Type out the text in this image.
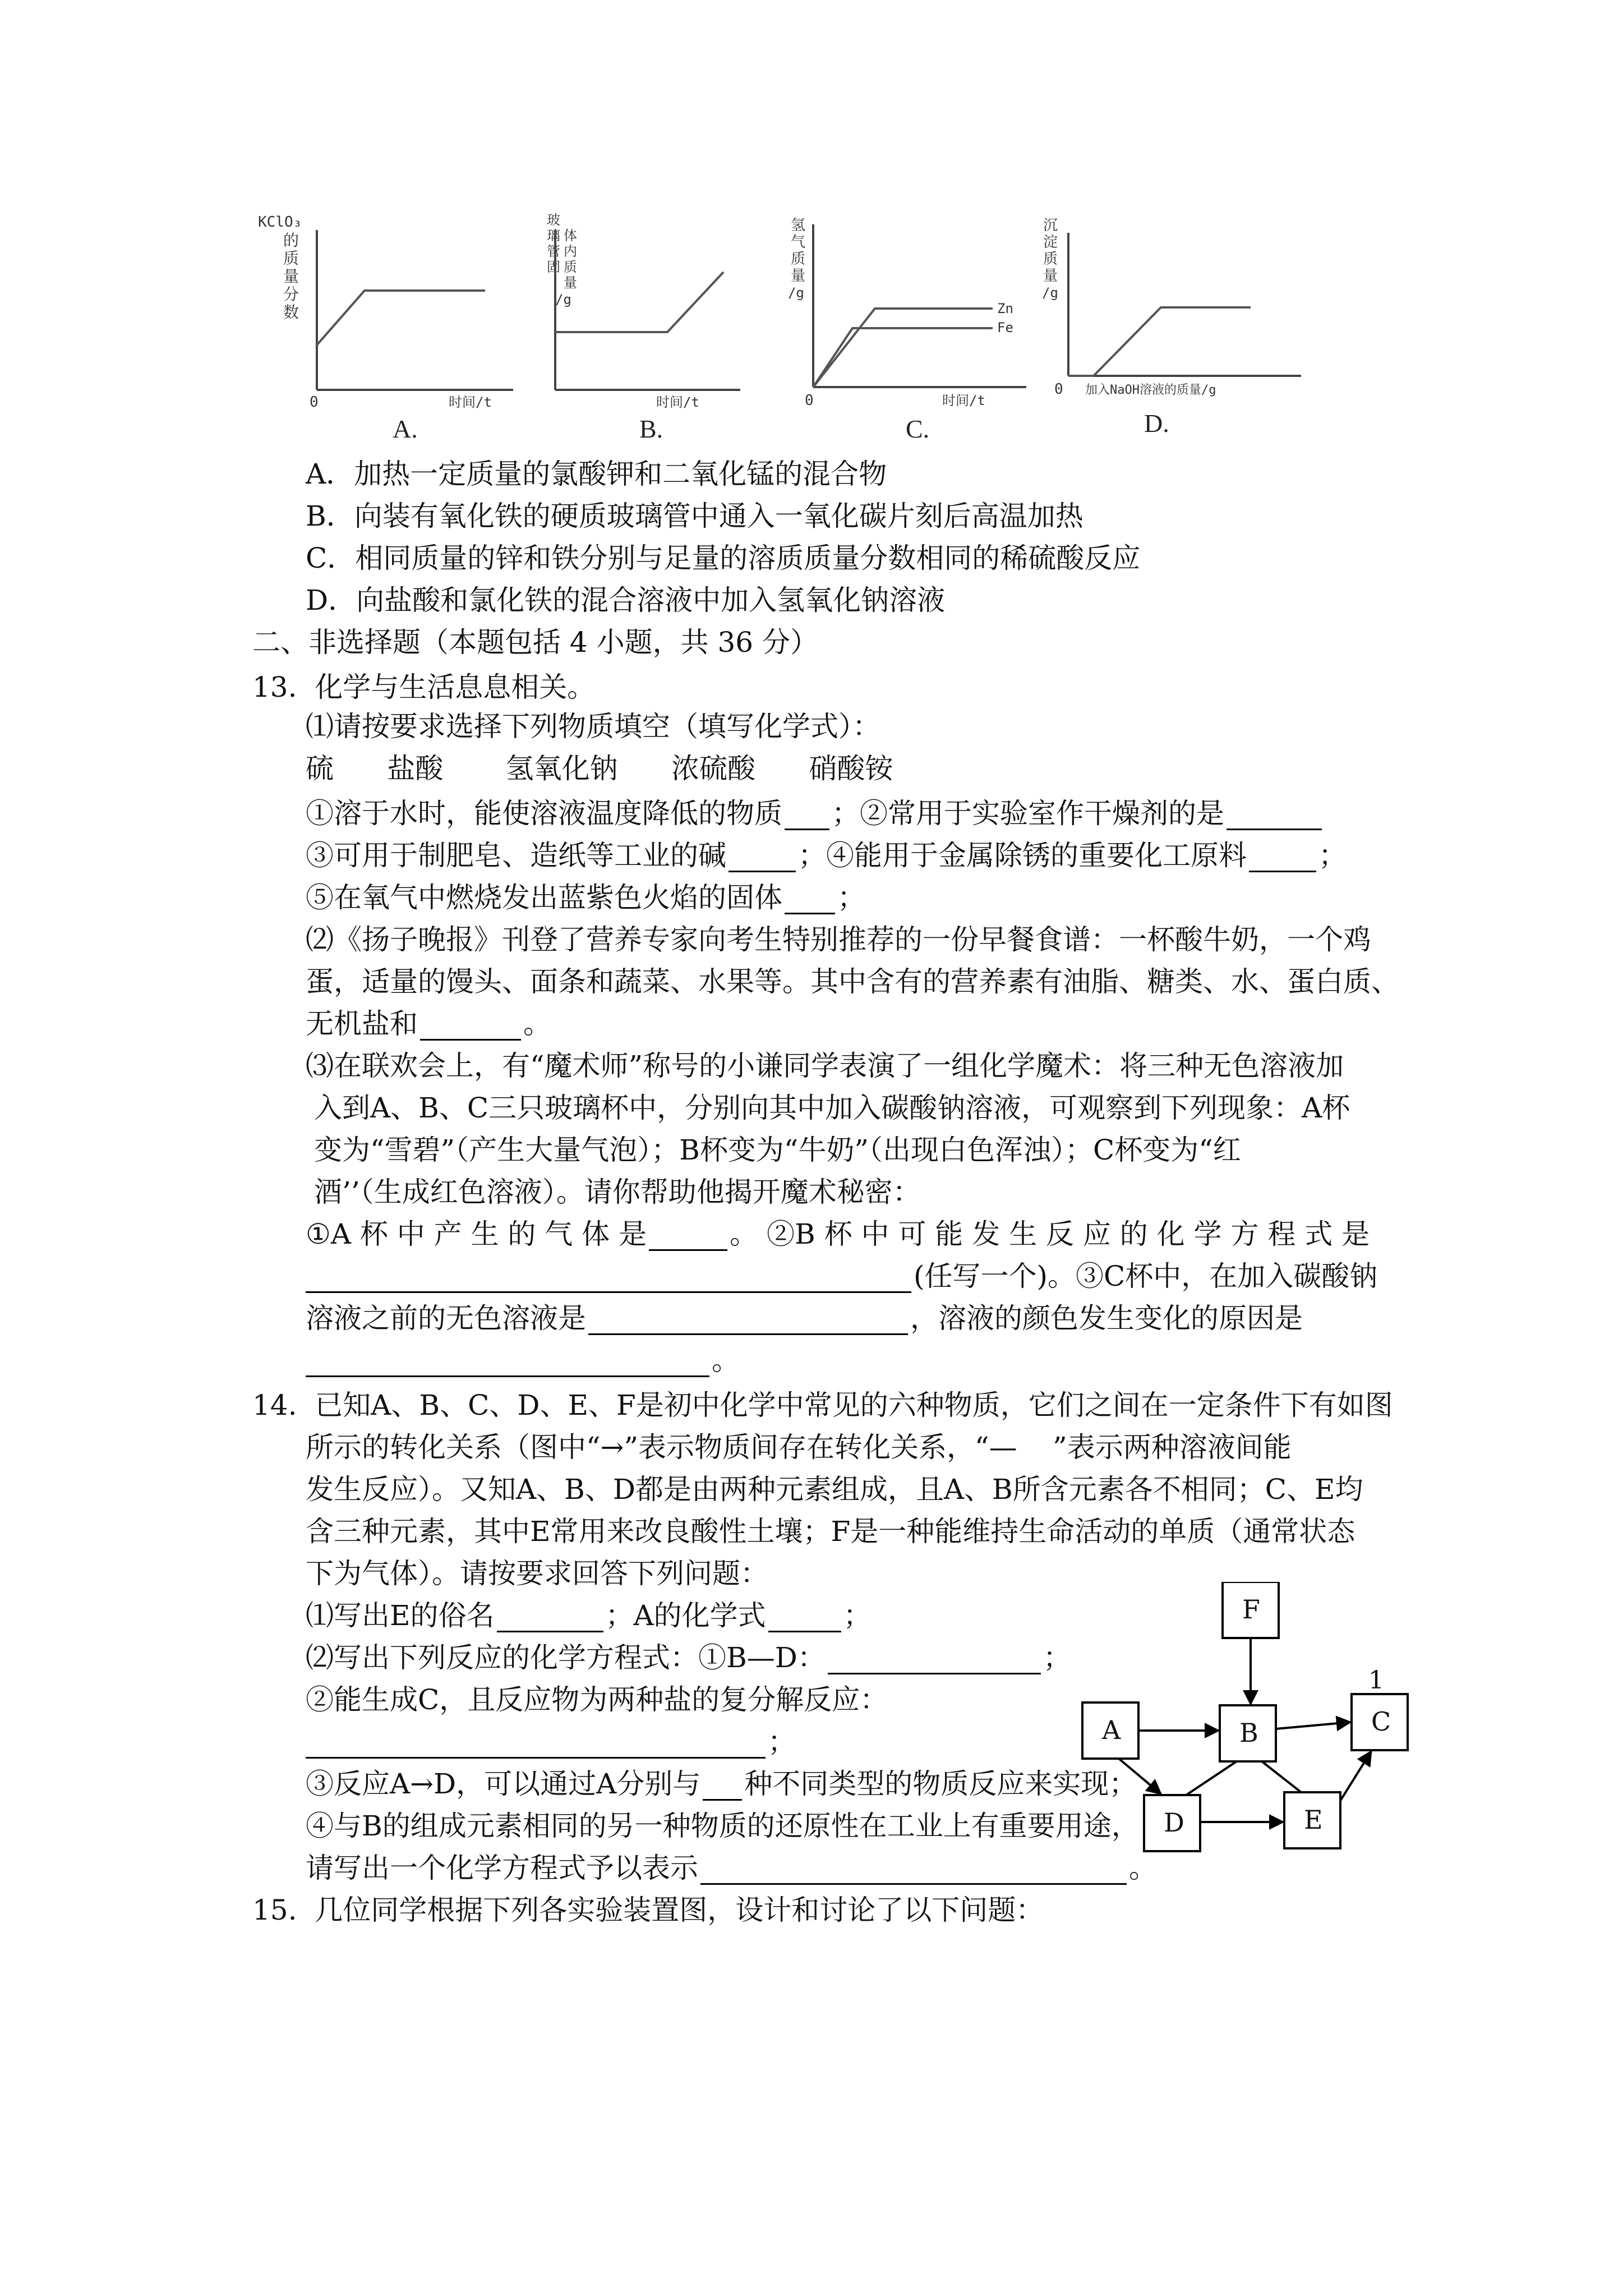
KClO₃
的
质
量
分
数
0	时间/t
A.
玻
璃
管
固
体
内
质
量
/g
时间/t
B.
氢
气
质
量
/g
Zn
Fe
0	时间/t
C.
沉
淀
质
量
/g
0 加入NaOH溶液的质量/g
D.
A．加热一定质量的氯酸钾和二氧化锰的混合物
B．向装有氧化铁的硬质玻璃管中通入一氧化碳片刻后高温加热
C．相同质量的锌和铁分别与足量的溶质质量分数相同的稀硫酸反应
D．向盐酸和氯化铁的混合溶液中加入氢氧化钠溶液
二、非选择题（本题包括 4 小题，共 36 分）
13.  化学与生活息息相关。
⑴请按要求选择下列物质填空（填写化学式）：
硫      盐酸       氢氧化钠      浓硫酸      硝酸铵
①溶于水时，能使溶液温度降低的物质 ；②常用于实验室作干燥剂的是
③可用于制肥皂、造纸等工业的碱	；④能用于金属除锈的重要化工原料	；
⑤在氧气中燃烧发出蓝紫色火焰的固体 ；
⑵《扬子晚报》刊登了营养专家向考生特别推荐的一份早餐食谱：一杯酸牛奶，一个鸡
蛋，适量的馒头、面条和蔬菜、水果等。其中含有的营养素有油脂、糖类、水、蛋白质、
无机盐和	。
⑶在联欢会上，有“魔术师”称号的小谦同学表演了一组化学魔术：将三种无色溶液加
入到A、B、C三只玻璃杯中，分别向其中加入碳酸钠溶液，可观察到下列现象：A杯
变为“雪碧”（产生大量气泡）；B杯变为“牛奶”（出现白色浑浊）；C杯变为“红
酒’’（生成红色溶液）。请你帮助他揭开魔术秘密：
①A 杯 中 产 生 的 气 体 是	。 ②B 杯 中 可 能 发 生 反 应 的 化 学 方 程 式 是
(任写一个)。③C杯中，在加入碳酸钠
溶液之前的无色溶液是	，溶液的颜色发生变化的原因是
。
14.  已知A、B、C、D、E、F是初中化学中常见的六种物质，它们之间在一定条件下有如图
所示的转化关系（图中“→”表示物质间存在转化关系，“—    ”表示两种溶液间能
发生反应）。又知A、B、D都是由两种元素组成，且A、B所含元素各不相同；C、E均
含三种元素，其中E常用来改良酸性土壤；F是一种能维持生命活动的单质（通常状态
下为气体）。请按要求回答下列问题：
⑴写出E的俗名	；A的化学式	；
⑵写出下列反应的化学方程式：①B—D：	；
②能生成C，且反应物为两种盐的复分解反应：
；
③反应A→D，可以通过A分别与 种不同类型的物质反应来实现；
④与B的组成元素相同的另一种物质的还原性在工业上有重要用途，
请写出一个化学方程式予以表示	。
F
A	B	C
D	E
15.  几位同学根据下列各实验装置图，设计和讨论了以下问题：
1
